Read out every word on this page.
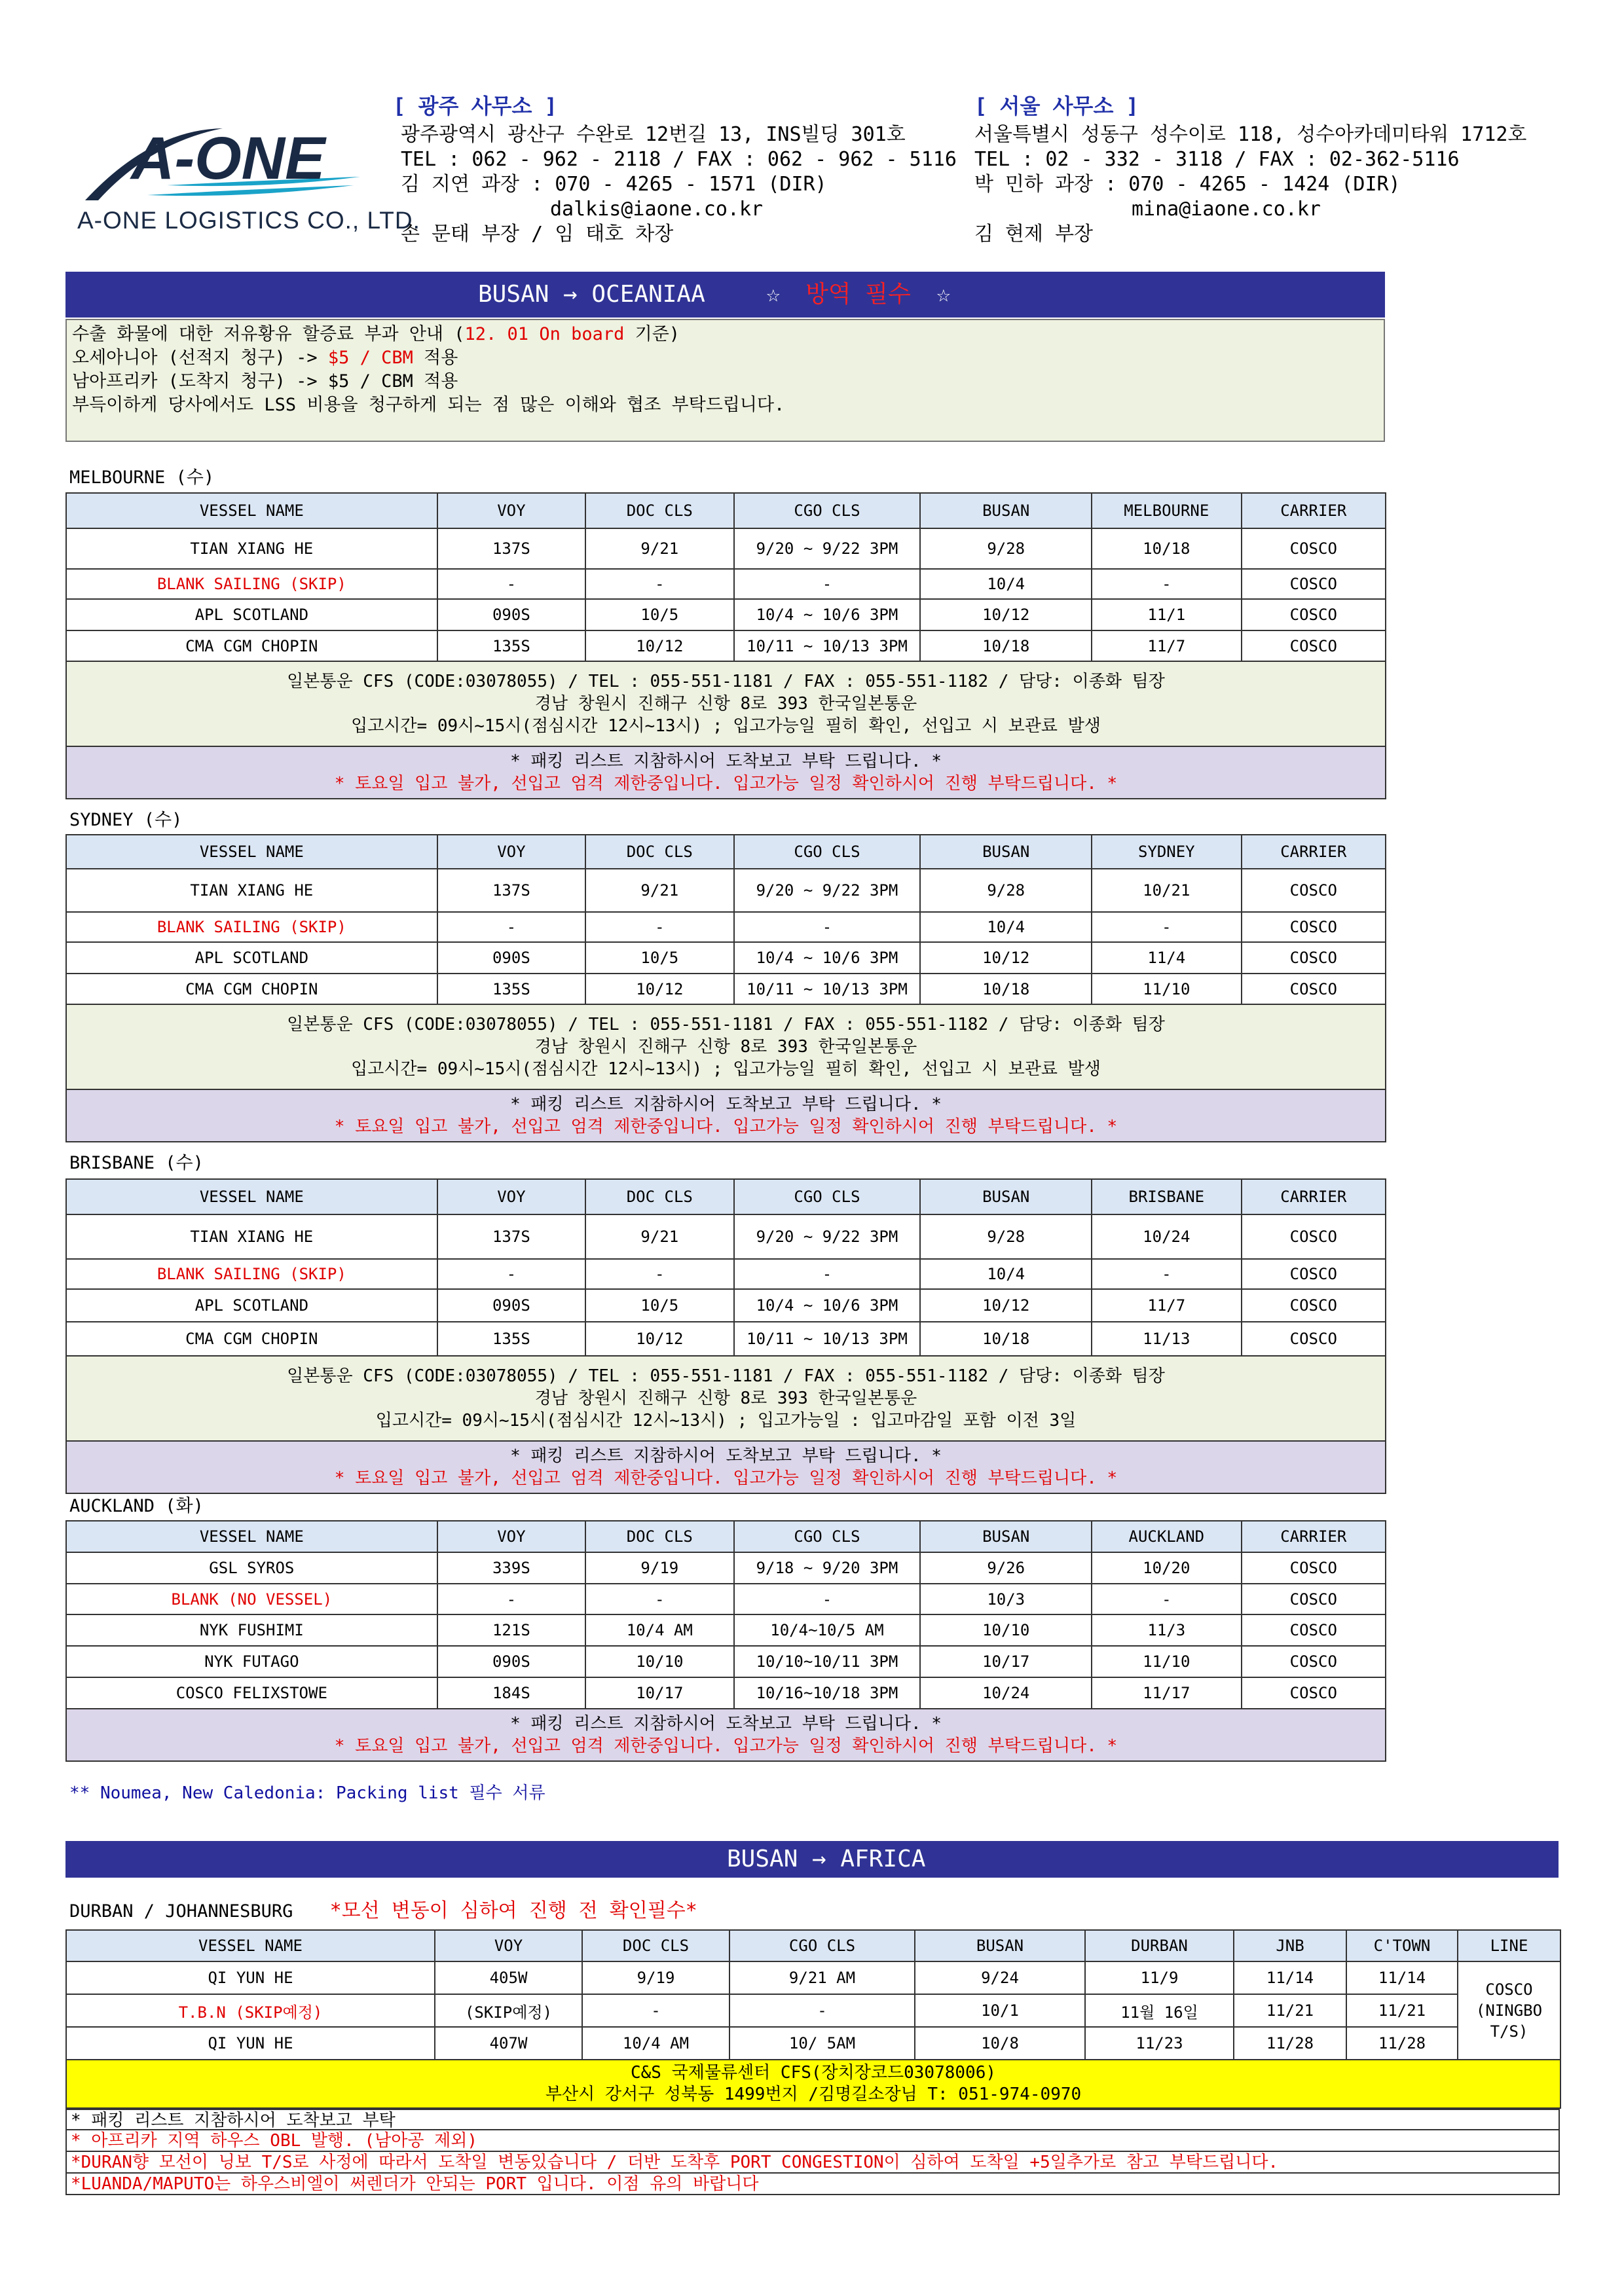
A-ONE
A-ONE LOGISTICS CO., LTD.
[ 광주 사무소 ]
광주광역시 광산구 수완로 12번길 13, INS빌딩 301호
TEL : 062 - 962 - 2118 / FAX : 062 - 962 - 5116
김 지연 과장 : 070 - 4265 - 1571 (DIR)
dalkis@iaone.co.kr
손 문태 부장 / 임 태호 차장
[ 서울 사무소 ]
서울특별시 성동구 성수이로 118, 성수아카데미타워 1712호
TEL : 02 - 332 - 3118 / FAX : 02-362-5116
박 민하 과장 : 070 - 4265 - 1424 (DIR)
mina@iaone.co.kr
김 현제 부장
BUSAN → OCEANIAA	☆ 방역 필수 ☆
수출 화물에 대한 저유황유 할증료 부과 안내 (12. 01 On board 기준)
오세아니아 (선적지 청구) -> $5 / CBM 적용
남아프리카 (도착지 청구) -> $5 / CBM 적용
부득이하게 당사에서도 LSS 비용을 청구하게 되는 점 많은 이해와 협조 부탁드립니다.
MELBOURNE (수)
VESSEL NAME	VOY	DOC CLS	CGO CLS	BUSAN	MELBOURNE	CARRIER
TIAN XIANG HE	137S	9/21	9/20 ~ 9/22 3PM	9/28	10/18	COSCO
BLANK SAILING (SKIP)	-	-	-	10/4	-	COSCO
APL SCOTLAND	090S	10/5	10/4 ~ 10/6 3PM	10/12	11/1	COSCO
CMA CGM CHOPIN	135S	10/12	10/11 ~ 10/13 3PM	10/18	11/7	COSCO

일본통운 CFS (CODE:03078055) / TEL : 055-551-1181 / FAX : 055-551-1182 / 담당: 이종화 팀장
경남 창원시 진해구 신항 8로 393 한국일본통운
입고시간= 09시~15시(점심시간 12시~13시) ; 입고가능일 필히 확인, 선입고 시 보관료 발생						

* 패킹 리스트 지참하시어 도착보고 부탁 드립니다. *
* 토요일 입고 불가, 선입고 엄격 제한중입니다. 입고가능 일정 확인하시어 진행 부탁드립니다. *						
SYDNEY (수)
VESSEL NAME	VOY	DOC CLS	CGO CLS	BUSAN	SYDNEY	CARRIER
TIAN XIANG HE	137S	9/21	9/20 ~ 9/22 3PM	9/28	10/21	COSCO
BLANK SAILING (SKIP)	-	-	-	10/4	-	COSCO
APL SCOTLAND	090S	10/5	10/4 ~ 10/6 3PM	10/12	11/4	COSCO
CMA CGM CHOPIN	135S	10/12	10/11 ~ 10/13 3PM	10/18	11/10	COSCO

일본통운 CFS (CODE:03078055) / TEL : 055-551-1181 / FAX : 055-551-1182 / 담당: 이종화 팀장
경남 창원시 진해구 신항 8로 393 한국일본통운
입고시간= 09시~15시(점심시간 12시~13시) ; 입고가능일 필히 확인, 선입고 시 보관료 발생						

* 패킹 리스트 지참하시어 도착보고 부탁 드립니다. *
* 토요일 입고 불가, 선입고 엄격 제한중입니다. 입고가능 일정 확인하시어 진행 부탁드립니다. *						
BRISBANE (수)
VESSEL NAME	VOY	DOC CLS	CGO CLS	BUSAN	BRISBANE	CARRIER
TIAN XIANG HE	137S	9/21	9/20 ~ 9/22 3PM	9/28	10/24	COSCO
BLANK SAILING (SKIP)	-	-	-	10/4	-	COSCO
APL SCOTLAND	090S	10/5	10/4 ~ 10/6 3PM	10/12	11/7	COSCO
CMA CGM CHOPIN	135S	10/12	10/11 ~ 10/13 3PM	10/18	11/13	COSCO

일본통운 CFS (CODE:03078055) / TEL : 055-551-1181 / FAX : 055-551-1182 / 담당: 이종화 팀장
경남 창원시 진해구 신항 8로 393 한국일본통운
입고시간= 09시~15시(점심시간 12시~13시) ; 입고가능일 : 입고마감일 포함 이전 3일						

* 패킹 리스트 지참하시어 도착보고 부탁 드립니다. *
* 토요일 입고 불가, 선입고 엄격 제한중입니다. 입고가능 일정 확인하시어 진행 부탁드립니다. *						
AUCKLAND (화)
VESSEL NAME	VOY	DOC CLS	CGO CLS	BUSAN	AUCKLAND	CARRIER
GSL SYROS	339S	9/19	9/18 ~ 9/20 3PM	9/26	10/20	COSCO
BLANK (NO VESSEL)	-	-	-	10/3	-	COSCO
NYK FUSHIMI	121S	10/4 AM	10/4~10/5 AM	10/10	11/3	COSCO
NYK FUTAGO	090S	10/10	10/10~10/11 3PM	10/17	11/10	COSCO
COSCO FELIXSTOWE	184S	10/17	10/16~10/18 3PM	10/24	11/17	COSCO

* 패킹 리스트 지참하시어 도착보고 부탁 드립니다. *
* 토요일 입고 불가, 선입고 엄격 제한중입니다. 입고가능 일정 확인하시어 진행 부탁드립니다. *						
** Noumea, New Caledonia: Packing list 필수 서류
BUSAN → AFRICA
DURBAN / JOHANNESBURG *모선 변동이 심하여 진행 전 확인필수*
VESSEL NAME	VOY	DOC CLS	CGO CLS	BUSAN	DURBAN	JNB	C'TOWN	LINE
QI YUN HE	405W	9/19	9/21 AM	9/24	11/9	11/14	11/14	COSCO (NINGBO T/S)
T.B.N (SKIP예정)	(SKIP예정)	-	-	10/1	11월 16일	11/21	11/21	
QI YUN HE	407W	10/4 AM	10/ 5AM	10/8	11/23	11/28	11/28	

C&S 국제물류센터 CFS(장치장코드03078006)
부산시 강서구 성북동 1499번지 /김명길소장님 T: 051-974-0970								
* 패킹 리스트 지참하시어 도착보고 부탁
* 아프리카 지역 하우스 OBL 발행. (남아공 제외)
*DURAN향 모선이 닝보 T/S로 사정에 따라서 도착일 변동있습니다 / 더반 도착후 PORT CONGESTION이 심하여 도착일 +5일추가로 참고 부탁드립니다.
*LUANDA/MAPUTO는 하우스비엘이 써렌더가 안되는 PORT 입니다. 이점 유의 바랍니다
